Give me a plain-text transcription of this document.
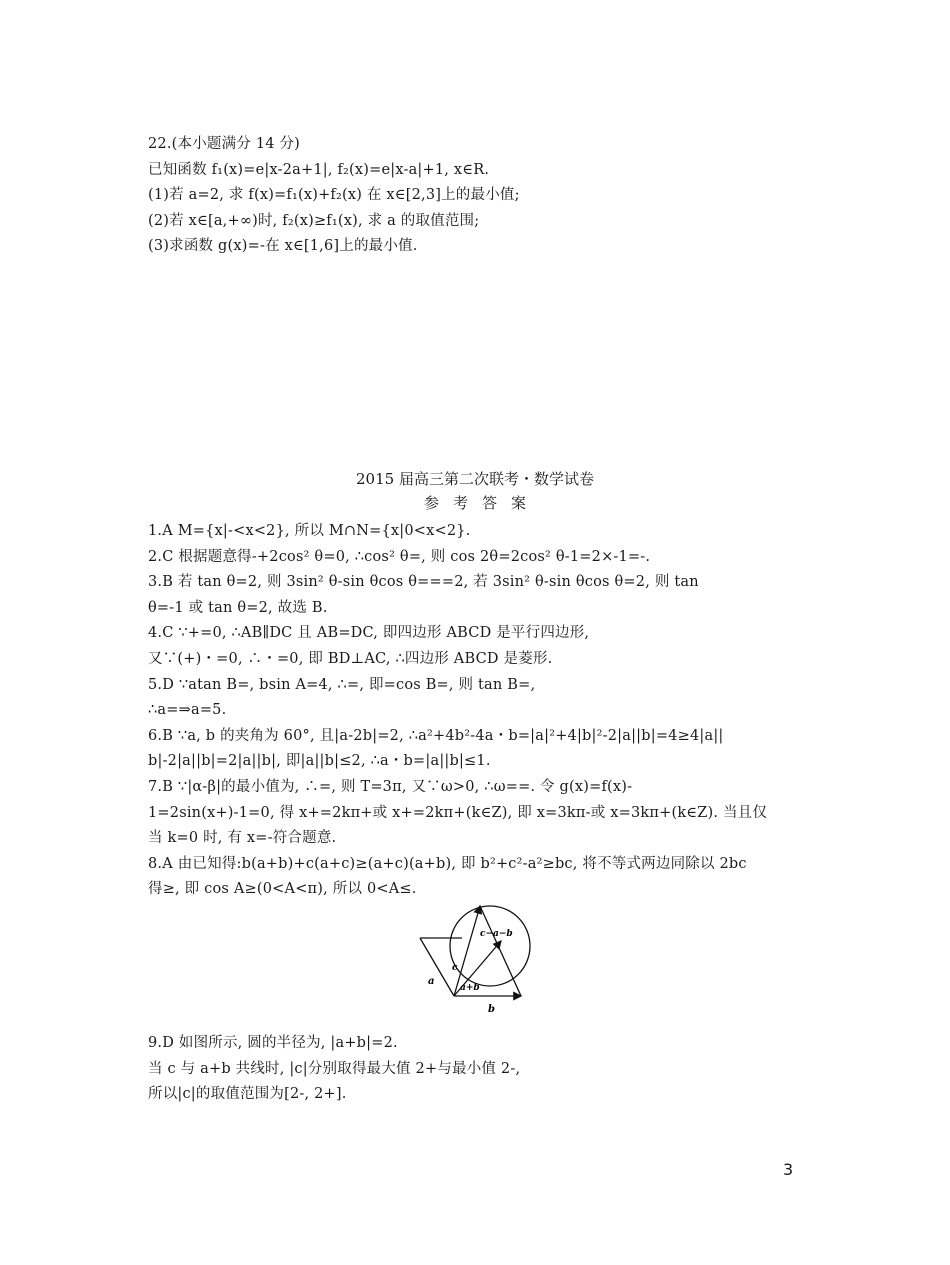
22.(本小题满分 14 分)
已知函数 f₁(x)=e|x-2a+1|, f₂(x)=e|x-a|+1, x∈R.
(1)若 a=2, 求 f(x)=f₁(x)+f₂(x) 在 x∈[2,3]上的最小值;
(2)若 x∈[a,+∞)时, f₂(x)≥f₁(x), 求 a 的取值范围;
(3)求函数 g(x)=-在 x∈[1,6]上的最小值.
2015 届高三第二次联考・数学试卷
参考答案
1.A M={x|-<x<2}, 所以 M∩N={x|0<x<2}.
2.C 根据题意得-+2cos² θ=0, ∴cos² θ=, 则 cos 2θ=2cos² θ-1=2×-1=-.
3.B 若 tan θ=2, 则 3sin² θ-sin θcos θ===2, 若 3sin² θ-sin θcos θ=2, 则 tan
θ=-1 或 tan θ=2, 故选 B.
4.C ∵+=0, ∴AB∥DC 且 AB=DC, 即四边形 ABCD 是平行四边形,
又∵(+)・=0, ∴・=0, 即 BD⊥AC, ∴四边形 ABCD 是菱形.
5.D ∵atan B=, bsin A=4, ∴=, 即=cos B=, 则 tan B=,
∴a=⇒a=5.
6.B ∵a, b 的夹角为 60°, 且|a-2b|=2, ∴a²+4b²-4a・b=|a|²+4|b|²-2|a||b|=4≥4|a||
b|-2|a||b|=2|a||b|, 即|a||b|≤2, ∴a・b=|a||b|≤1.
7.B ∵|α-β|的最小值为, ∴=, 则 T=3π, 又∵ω>0, ∴ω==. 令 g(x)=f(x)-
1=2sin(x+)-1=0, 得 x+=2kπ+或 x+=2kπ+(k∈Z), 即 x=3kπ-或 x=3kπ+(k∈Z). 当且仅
当 k=0 时, 有 x=-符合题意.
8.A 由已知得:b(a+b)+c(a+c)≥(a+c)(a+b), 即 b²+c²-a²≥bc, 将不等式两边同除以 2bc
得≥, 即 cos A≥(0<A<π), 所以 0<A≤.
c−a−b
c
a
a+b
b
9.D 如图所示, 圆的半径为, |a+b|=2.
当 c 与 a+b 共线时, |c|分别取得最大值 2+与最小值 2-,
所以|c|的取值范围为[2-, 2+].
3
